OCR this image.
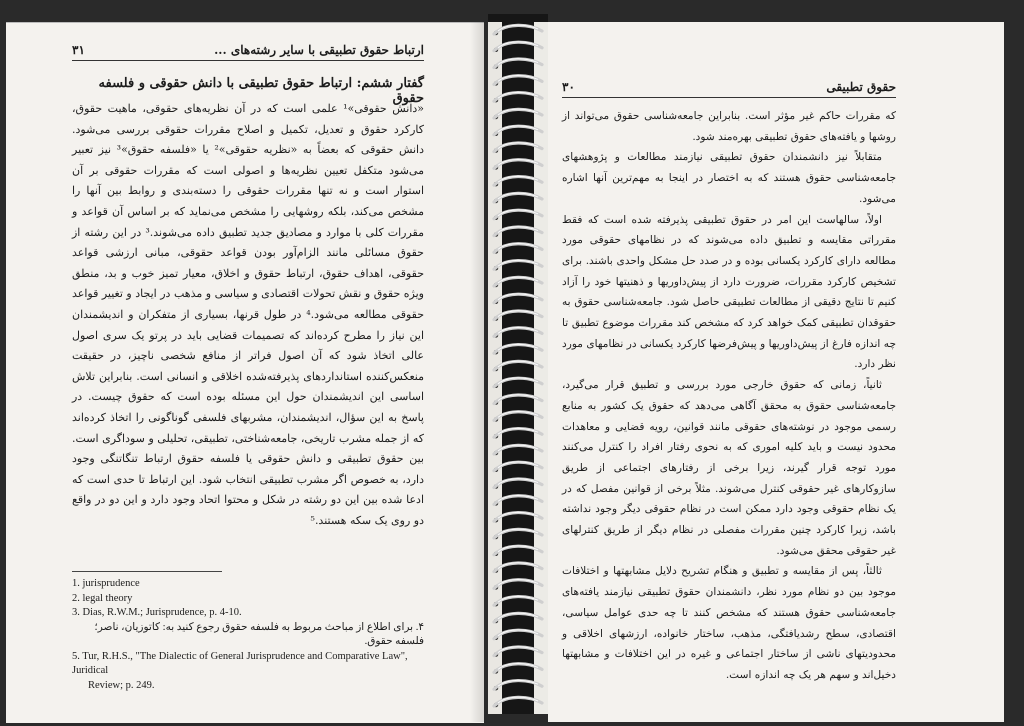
۳۱	ارتباط حقوق تطبیقی با سایر رشته‌های ...
گفتار ششم: ارتباط حقوق تطبیقی با دانش حقوقی و فلسفه حقوق

«دانش حقوقی»¹ علمی است که در آن نظریه‌های حقوقی، ماهیت حقوق، کارکرد حقوق و تعدیل، تکمیل و اصلاح مقررات حقوقی بررسی می‌شود. دانش حقوقی که بعضاً به «نظریه حقوقی»² یا «فلسفه حقوق»³ نیز تعبیر می‌شود متکفل تعیین نظریه‌ها و اصولی است که مقررات حقوقی بر آن استوار است و نه تنها مقررات حقوقی را دسته‌بندی و روابط بین آنها را مشخص می‌کند، بلکه روشهایی را مشخص می‌نماید که بر اساس آن قواعد و مقررات کلی با موارد و مصادیق جدید تطبیق داده می‌شوند.³ در این رشته از حقوق مسائلی مانند الزام‌آور بودن قواعد حقوقی، مبانی ارزشی قواعد حقوقی، اهداف حقوق، ارتباط حقوق و اخلاق، معیار تمیز خوب و بد، منطق ویژه حقوق و نقش تحولات اقتصادی و سیاسی و مذهب در ایجاد و تغییر قواعد حقوقی مطالعه می‌شود.⁴ در طول قرنها، بسیاری از متفکران و اندیشمندان این نیاز را مطرح کرده‌اند که تصمیمات قضایی باید در پرتو یک سری اصول عالی اتخاذ شود که آن اصول فراتر از منافع شخصی ناچیز، در حقیقت منعکس‌کننده استانداردهای پذیرفته‌شده اخلاقی و انسانی است. بنابراین تلاش اساسی این اندیشمندان حول این مسئله بوده است که حقوق چیست. در پاسخ به این سؤال، اندیشمندان، مشربهای فلسفی گوناگونی را اتخاذ کرده‌اند که از جمله مشرب تاریخی، جامعه‌شناختی، تطبیقی، تحلیلی و سوداگری است. بین حقوق تطبیقی و دانش حقوقی یا فلسفه حقوق ارتباط تنگاتنگی وجود دارد، به خصوص اگر مشرب تطبیقی انتخاب شود. این ارتباط تا حدی است که ادعا شده بین این دو رشته در شکل و محتوا اتحاد وجود دارد و این دو در واقع دو روی یک سکه هستند.⁵

1. jurisprudence

2. legal theory

3. Dias, R.W.M.; Jurisprudence, p. 4-10.

۴. برای اطلاع از مباحث مربوط به فلسفه حقوق رجوع کنید به: کاتوزیان، ناصر؛ فلسفه حقوق.

5. Tur, R.H.S., "The Dialectic of General Jurisprudence and Comparative Law", Juridical

Review; p. 249.

۳۰	حقوق تطبیقی

که مقررات حاکم غیر مؤثر است. بنابراین جامعه‌شناسی حقوق می‌تواند از روشها و یافته‌های حقوق تطبیقی بهره‌مند شود.

متقابلاً نیز دانشمندان حقوق تطبیقی نیازمند مطالعات و پژوهشهای جامعه‌شناسی حقوق هستند که به اختصار در اینجا به مهم‌ترین آنها اشاره می‌شود.

اولاً، سالهاست این امر در حقوق تطبیقی پذیرفته شده است که فقط مقرراتی مقایسه و تطبیق داده می‌شوند که در نظامهای حقوقی مورد مطالعه دارای کارکرد یکسانی بوده و در صدد حل مشکل واحدی باشند. برای تشخیص کارکرد مقررات، ضرورت دارد از پیش‌داوریها و ذهنیتها خود را آزاد کنیم تا نتایج دقیقی از مطالعات تطبیقی حاصل شود. جامعه‌شناسی حقوق به حقوقدان تطبیقی کمک خواهد کرد که مشخص کند مقررات موضوع تطبیق تا چه اندازه فارغ از پیش‌داوریها و پیش‌فرضها کارکرد یکسانی در نظامهای مورد نظر دارد.

ثانیاً، زمانی که حقوق خارجی مورد بررسی و تطبیق قرار می‌گیرد، جامعه‌شناسی حقوق به محقق آگاهی می‌دهد که حقوق یک کشور به منابع رسمی موجود در نوشته‌های حقوقی مانند قوانین، رویه قضایی و معاهدات محدود نیست و باید کلیه اموری که به نحوی رفتار افراد را کنترل می‌کنند مورد توجه قرار گیرند، زیرا برخی از رفتارهای اجتماعی از طریق سازوکارهای غیر حقوقی کنترل می‌شوند. مثلاً برخی از قوانین مفصل که در یک نظام حقوقی وجود دارد ممکن است در نظام حقوقی دیگر وجود نداشته باشد، زیرا کارکرد چنین مقررات مفصلی در نظام دیگر از طریق کنترلهای غیر حقوقی محقق می‌شود.

ثالثاً، پس از مقایسه و تطبیق و هنگام تشریح دلایل مشابهتها و اختلافات موجود بین دو نظام مورد نظر، دانشمندان حقوق تطبیقی نیازمند یافته‌های جامعه‌شناسی حقوق هستند که مشخص کنند تا چه حدی عوامل سیاسی، اقتصادی، سطح رشدیافتگی، مذهب، ساختار خانواده، ارزشهای اخلاقی و محدودیتهای ناشی از ساختار اجتماعی و غیره در این اختلافات و مشابهتها دخیل‌اند و سهم هر یک چه اندازه است.
